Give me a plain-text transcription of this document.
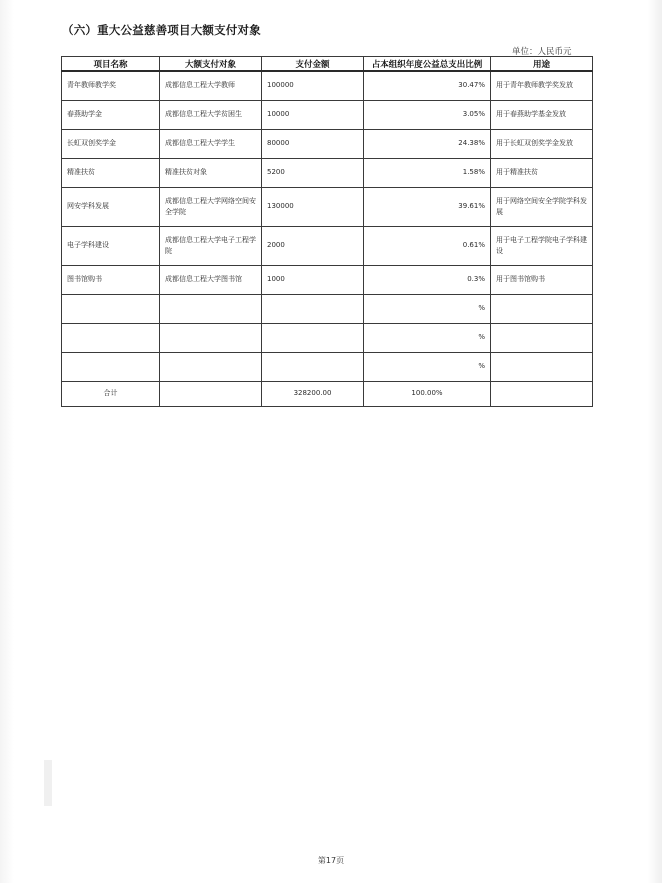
（六）重大公益慈善项目大额支付对象
单位：人民币元
项目名称	大额支付对象	支付金额	占本组织年度公益总支出比例	用途
青年教师教学奖	成都信息工程大学教师	100000	30.47%	用于青年教师教学奖发放
春燕助学金	成都信息工程大学贫困生	10000	3.05%	用于春燕助学基金发放
长虹双创奖学金	成都信息工程大学学生	80000	24.38%	用于长虹双创奖学金发放
精准扶贫	精准扶贫对象	5200	1.58%	用于精准扶贫
网安学科发展	成都信息工程大学网络空间安全学院	130000	39.61%	用于网络空间安全学院学科发展
电子学科建设	成都信息工程大学电子工程学院	2000	0.61%	用于电子工程学院电子学科建设
图书馆购书	成都信息工程大学图书馆	1000	0.3%	用于图书馆购书
			%	
			%	
			%	
合计		328200.00	100.00%	
第17页
